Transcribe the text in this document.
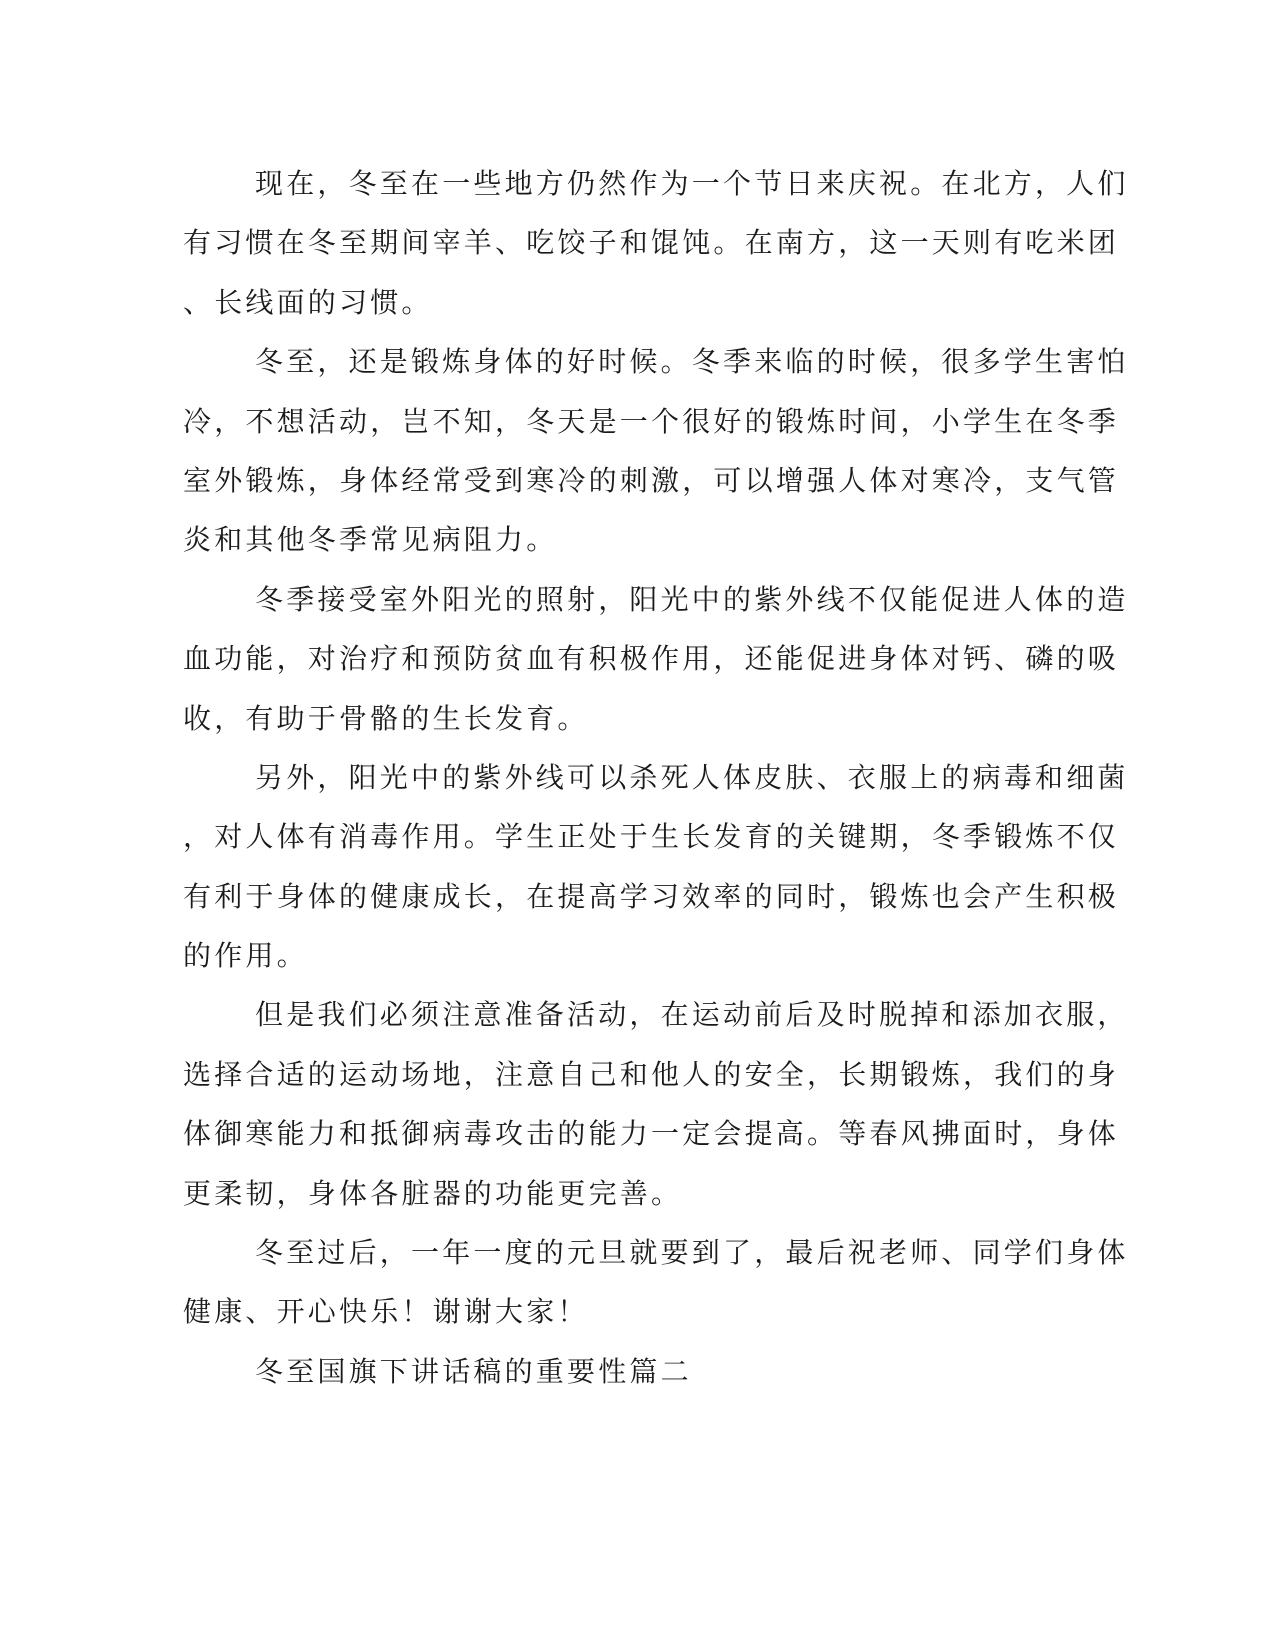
现在，冬至在一些地方仍然作为一个节日来庆祝。在北方，人们
有习惯在冬至期间宰羊、吃饺子和馄饨。在南方，这一天则有吃米团
、长线面的习惯。
冬至，还是锻炼身体的好时候。冬季来临的时候，很多学生害怕
冷，不想活动，岂不知，冬天是一个很好的锻炼时间，小学生在冬季
室外锻炼，身体经常受到寒冷的刺激，可以增强人体对寒冷，支气管
炎和其他冬季常见病阻力。
冬季接受室外阳光的照射，阳光中的紫外线不仅能促进人体的造
血功能，对治疗和预防贫血有积极作用，还能促进身体对钙、磷的吸
收，有助于骨骼的生长发育。
另外，阳光中的紫外线可以杀死人体皮肤、衣服上的病毒和细菌
，对人体有消毒作用。学生正处于生长发育的关键期，冬季锻炼不仅
有利于身体的健康成长，在提高学习效率的同时，锻炼也会产生积极
的作用。
但是我们必须注意准备活动，在运动前后及时脱掉和添加衣服，
选择合适的运动场地，注意自己和他人的安全，长期锻炼，我们的身
体御寒能力和抵御病毒攻击的能力一定会提高。等春风拂面时，身体
更柔韧，身体各脏器的功能更完善。
冬至过后，一年一度的元旦就要到了，最后祝老师、同学们身体
健康、开心快乐！谢谢大家！
冬至国旗下讲话稿的重要性篇二
